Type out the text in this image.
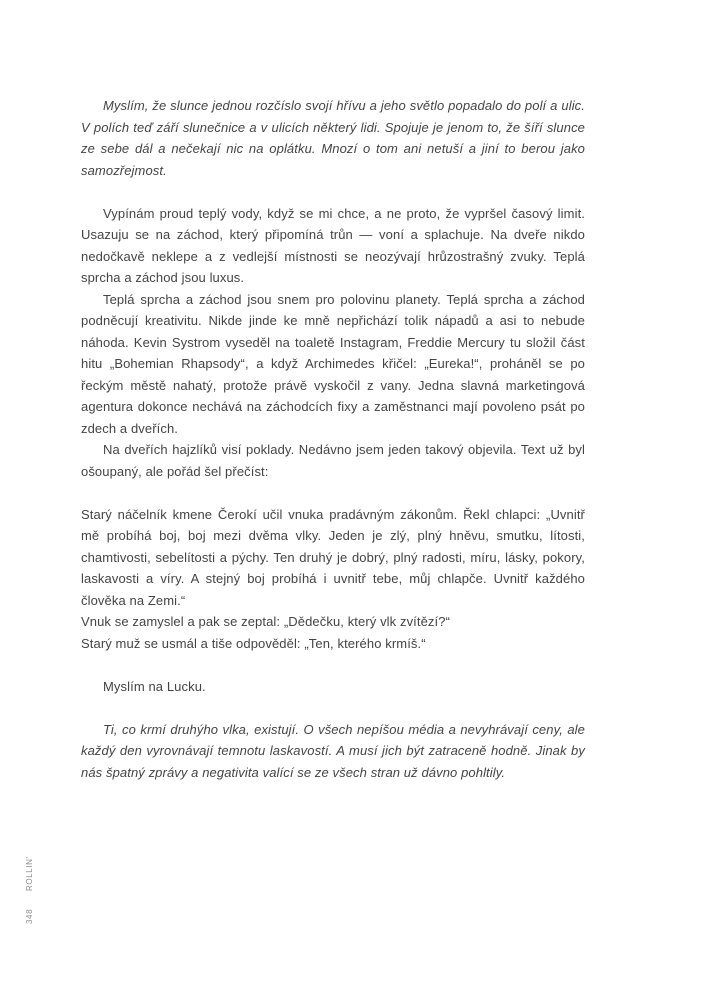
Myslím, že slunce jednou rozčíslo svojí hřívu a jeho světlo popadalo do polí a ulic. V polích teď září slunečnice a v ulicích některý lidi. Spojuje je jenom to, že šíří slunce ze sebe dál a nečekají nic na oplátku. Mnozí o tom ani netuší a jiní to berou jako samozřejmost.

Vypínám proud teplý vody, když se mi chce, a ne proto, že vypršel časový limit. Usazuju se na záchod, který připomíná trůn — voní a splachuje. Na dveře nikdo nedočkavě neklepe a z vedlejší místnosti se neozývají hrůzostrašný zvuky. Teplá sprcha a záchod jsou luxus.

Teplá sprcha a záchod jsou snem pro polovinu planety. Teplá sprcha a záchod podněcují kreativitu. Nikde jinde ke mně nepřichází tolik nápadů a asi to nebude náhoda. Kevin Systrom vyseděl na toaletě Instagram, Freddie Mercury tu složil část hitu „Bohemian Rhapsody“, a když Archimedes křičel: „Eureka!“, proháněl se po řeckým městě nahatý, protože právě vyskočil z vany. Jedna slavná marketingová agentura dokonce nechává na záchodcích fixy a zaměstnanci mají povoleno psát po zdech a dveřích.

Na dveřích hajzlíků visí poklady. Nedávno jsem jeden takový objevila. Text už byl ošoupaný, ale pořád šel přečíst:

Starý náčelník kmene Čerokí učil vnuka pradávným zákonům. Řekl chlapci: „Uvnitř mě probíhá boj, boj mezi dvěma vlky. Jeden je zlý, plný hněvu, smutku, lítosti, chamtivosti, sebelítosti a pýchy. Ten druhý je dobrý, plný radosti, míru, lásky, pokory, laskavosti a víry. A stejný boj probíhá i uvnitř tebe, můj chlapče. Uvnitř každého člověka na Zemi.“

Vnuk se zamyslel a pak se zeptal: „Dědečku, který vlk zvítězí?“

Starý muž se usmál a tiše odpověděl: „Ten, kterého krmíš.“

Myslím na Lucku.

Ti, co krmí druhýho vlka, existují. O všech nepíšou média a nevyhrávají ceny, ale každý den vyrovnávají temnotu laskavostí. A musí jich být zatraceně hodně. Jinak by nás špatný zprávy a negativita valící se ze všech stran už dávno pohltily.

ROLLIN'
348
